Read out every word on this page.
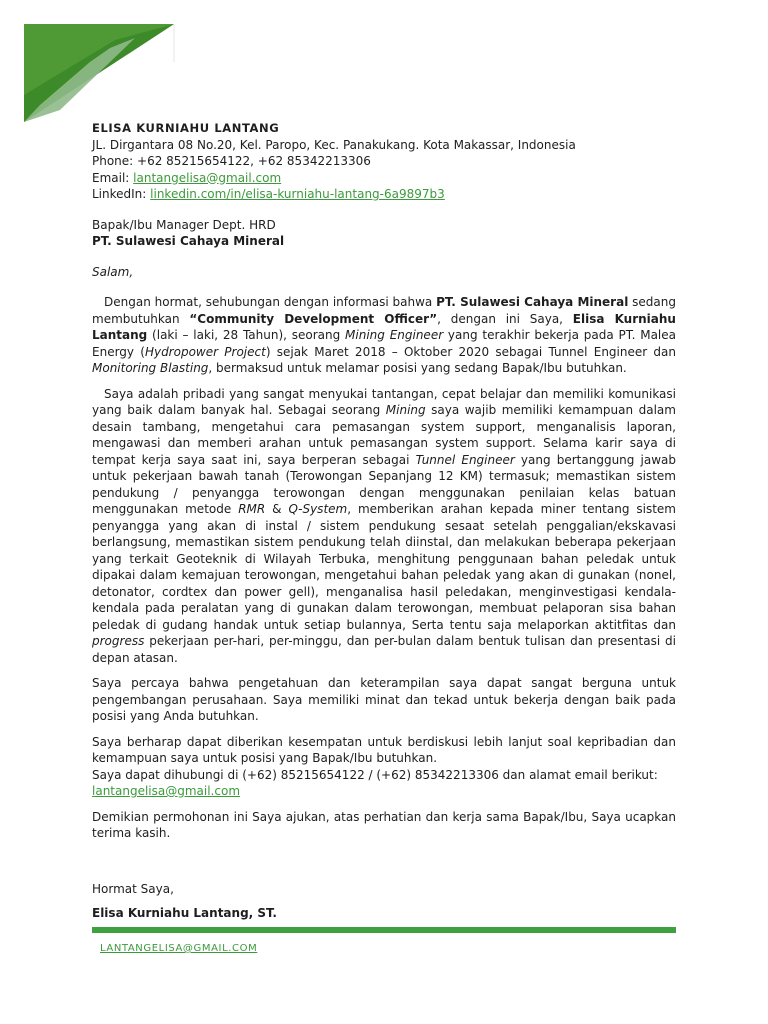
ELISA KURNIAHU LANTANG
JL. Dirgantara 08 No.20, Kel. Paropo, Kec. Panakukang. Kota Makassar, Indonesia
Phone: +62 85215654122, +62 85342213306
Email: lantangelisa@gmail.com
LinkedIn: linkedin.com/in/elisa-kurniahu-lantang-6a9897b3
Bapak/Ibu Manager Dept. HRD
PT. Sulawesi Cahaya Mineral
Salam,

Dengan hormat, sehubungan dengan informasi bahwa PT. Sulawesi Cahaya Mineral sedang membutuhkan “Community Development Officer”, dengan ini Saya, Elisa Kurniahu Lantang (laki – laki, 28 Tahun), seorang Mining Engineer yang terakhir bekerja pada PT. Malea Energy (Hydropower Project) sejak Maret 2018 – Oktober 2020 sebagai Tunnel Engineer dan Monitoring Blasting, bermaksud untuk melamar posisi yang sedang Bapak/Ibu butuhkan.

Saya adalah pribadi yang sangat menyukai tantangan, cepat belajar dan memiliki komunikasi yang baik dalam banyak hal. Sebagai seorang Mining saya wajib memiliki kemampuan dalam desain tambang, mengetahui cara pemasangan system support, menganalisis laporan, mengawasi dan memberi arahan untuk pemasangan system support. Selama karir saya di tempat kerja saya saat ini, saya berperan sebagai Tunnel Engineer yang bertanggung jawab untuk pekerjaan bawah tanah (Terowongan Sepanjang 12 KM) termasuk; memastikan sistem pendukung / penyangga terowongan dengan menggunakan penilaian kelas batuan menggunakan metode RMR & Q-System, memberikan arahan kepada miner tentang sistem penyangga yang akan di instal / sistem pendukung sesaat setelah penggalian/ekskavasi berlangsung, memastikan sistem pendukung telah diinstal, dan melakukan beberapa pekerjaan yang terkait Geoteknik di Wilayah Terbuka, menghitung penggunaan bahan peledak untuk dipakai dalam kemajuan terowongan, mengetahui bahan peledak yang akan di gunakan (nonel, detonator, cordtex dan power gell), menganalisa hasil peledakan, menginvestigasi kendala-kendala pada peralatan yang di gunakan dalam terowongan, membuat pelaporan sisa bahan peledak di gudang handak untuk setiap bulannya, Serta tentu saja melaporkan aktitfitas dan progress pekerjaan per-hari, per-minggu, dan per-bulan dalam bentuk tulisan dan presentasi di depan atasan.

Saya percaya bahwa pengetahuan dan keterampilan saya dapat sangat berguna untuk pengembangan perusahaan. Saya memiliki minat dan tekad untuk bekerja dengan baik pada posisi yang Anda butuhkan.

Saya berharap dapat diberikan kesempatan untuk berdiskusi lebih lanjut soal kepribadian dan kemampuan saya untuk posisi yang Bapak/Ibu butuhkan.

Saya dapat dihubungi di (+62) 85215654122 / (+62) 85342213306 dan alamat email berikut:

lantangelisa@gmail.com

Demikian permohonan ini Saya ajukan, atas perhatian dan kerja sama Bapak/Ibu, Saya ucapkan terima kasih.

Hormat Saya,
Elisa Kurniahu Lantang, ST.
LANTANGELISA@GMAIL.COM
